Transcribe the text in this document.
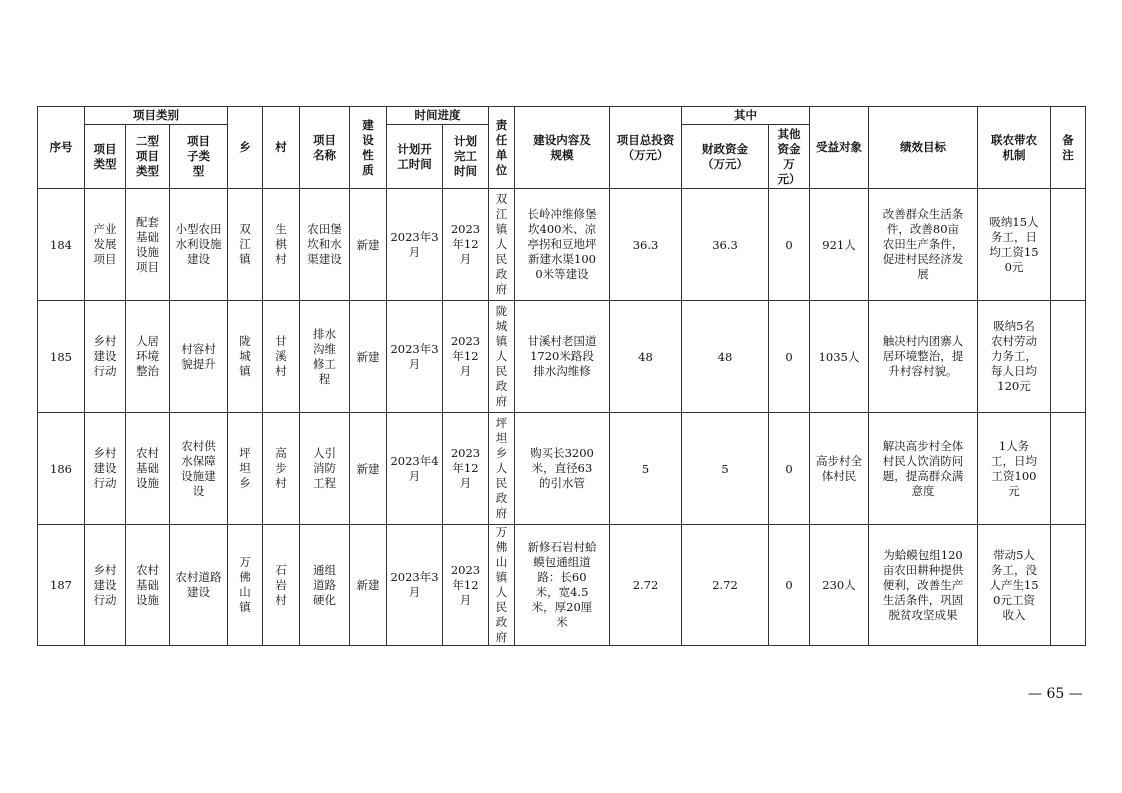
序号	项目类别			乡	村	项目名称	建设性质	时间进度		责任单位	建设内容及规模	项目总投资（万元）	其中		受益对象	绩效目标	联农带农机制	备注
	项目类型	二型项目类型	项目子类型					计划开工时间	计划完工时间				财政资金（万元）	其他资金万元）				
184	产业发展项目	配套基础设施项目	小型农田水利设施建设	双江镇	生棋村	农田堡坎和水渠建设	新建	2023年3月	2023年12月	双江镇人民政府	长岭冲维修堡坎400米、凉亭拐和豆地坪新建水渠1000米等建设	36.3	36.3	0	921人	改善群众生活条件，改善80亩农田生产条件，促进村民经济发展	吸纳15人务工，日均工资150元	
185	乡村建设行动	人居环境整治	村容村貌提升	陇城镇	甘溪村	排水沟维修工程	新建	2023年3月	2023年12月	陇城镇人民政府	甘溪村老国道1720米路段排水沟维修	48	48	0	1035人	触决村内团寨人居环境整治，提升村容村貌。	吸纳5名农村劳动力务工，每人日均120元	
186	乡村建设行动	农村基础设施	农村供水保障设施建设	坪坦乡	高步村	人引消防工程	新建	2023年4月	2023年12月	坪坦乡人民政府	购买长3200米，直径63的引水管	5	5	0	高步村全体村民	解决高步村全体村民人饮消防问题，提高群众满意度	1人务工，日均工资100元	
187	乡村建设行动	农村基础设施	农村道路建设	万佛山镇	石岩村	通组道路硬化	新建	2023年3月	2023年12月	万佛山镇人民政府	新修石岩村蛤蟆包通组道路：长60米，宽4.5米，厚20厘米	2.72	2.72	0	230人	为蛤蟆包组120亩农田耕种提供便利，改善生产生活条件，巩固脱贫攻坚成果	带动5人务工，没人产生150元工资收入	
— 65 —
